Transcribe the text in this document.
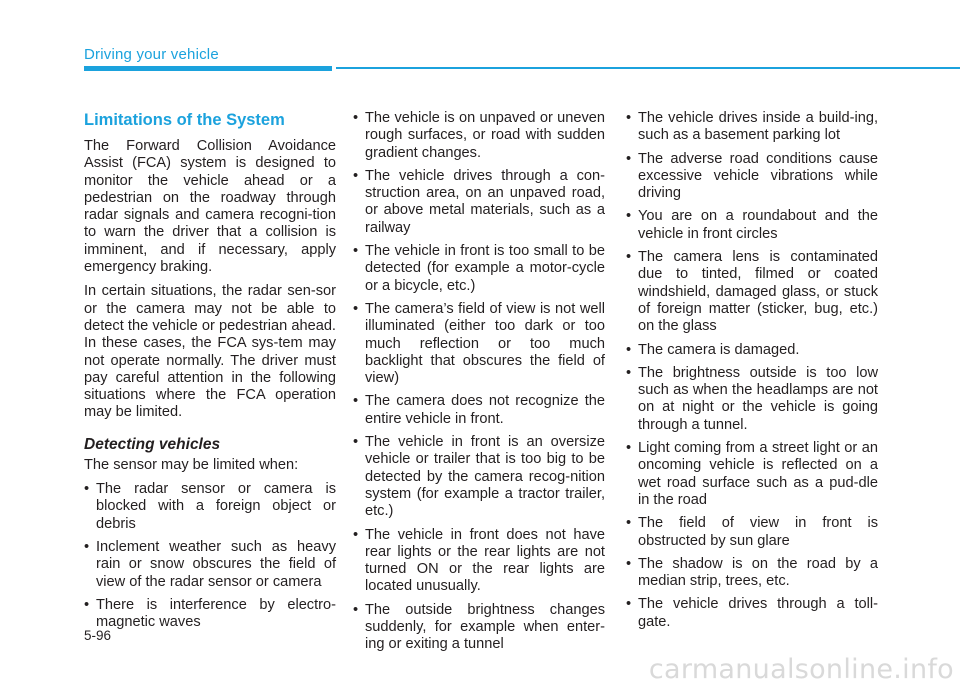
Driving your vehicle
Limitations of the System

The Forward Collision Avoidance Assist (FCA) system is designed to monitor the vehicle ahead or a pedestrian on the roadway through radar signals and camera recogni-tion to warn the driver that a collision is imminent, and if necessary, apply emergency braking.

In certain situations, the radar sen-sor or the camera may not be able to detect the vehicle or pedestrian ahead. In these cases, the FCA sys-tem may not operate normally. The driver must pay careful attention in the following situations where the FCA operation may be limited.

Detecting vehicles

The sensor may be limited when:

• The radar sensor or camera is blocked with a foreign object or debris
• Inclement weather such as heavy rain or snow obscures the field of view of the radar sensor or camera
• There is interference by electro-magnetic waves
• The vehicle is on unpaved or uneven rough surfaces, or road with sudden gradient changes.
• The vehicle drives through a con-struction area, on an unpaved road, or above metal materials, such as a railway
• The vehicle in front is too small to be detected (for example a motor-cycle or a bicycle, etc.)
• The camera’s field of view is not well illuminated (either too dark or too much reflection or too much backlight that obscures the field of view)
• The camera does not recognize the entire vehicle in front.
• The vehicle in front is an oversize vehicle or trailer that is too big to be detected by the camera recog-nition system (for example a tractor trailer, etc.)
• The vehicle in front does not have rear lights or the rear lights are not turned ON or the rear lights are located unusually.
• The outside brightness changes suddenly, for example when enter-ing or exiting a tunnel
• The vehicle drives inside a build-ing, such as a basement parking lot
• The adverse road conditions cause excessive vehicle vibrations while driving
• You are on a roundabout and the vehicle in front circles
• The camera lens is contaminated due to tinted, filmed or coated windshield, damaged glass, or stuck of foreign matter (sticker, bug, etc.) on the glass
• The camera is damaged.
• The brightness outside is too low such as when the headlamps are not on at night or the vehicle is going through a tunnel.
• Light coming from a street light or an oncoming vehicle is reflected on a wet road surface such as a pud-dle in the road
• The field of view in front is obstructed by sun glare
• The shadow is on the road by a median strip, trees, etc.
• The vehicle drives through a toll-gate.
5-96
carmanualsonline.info
